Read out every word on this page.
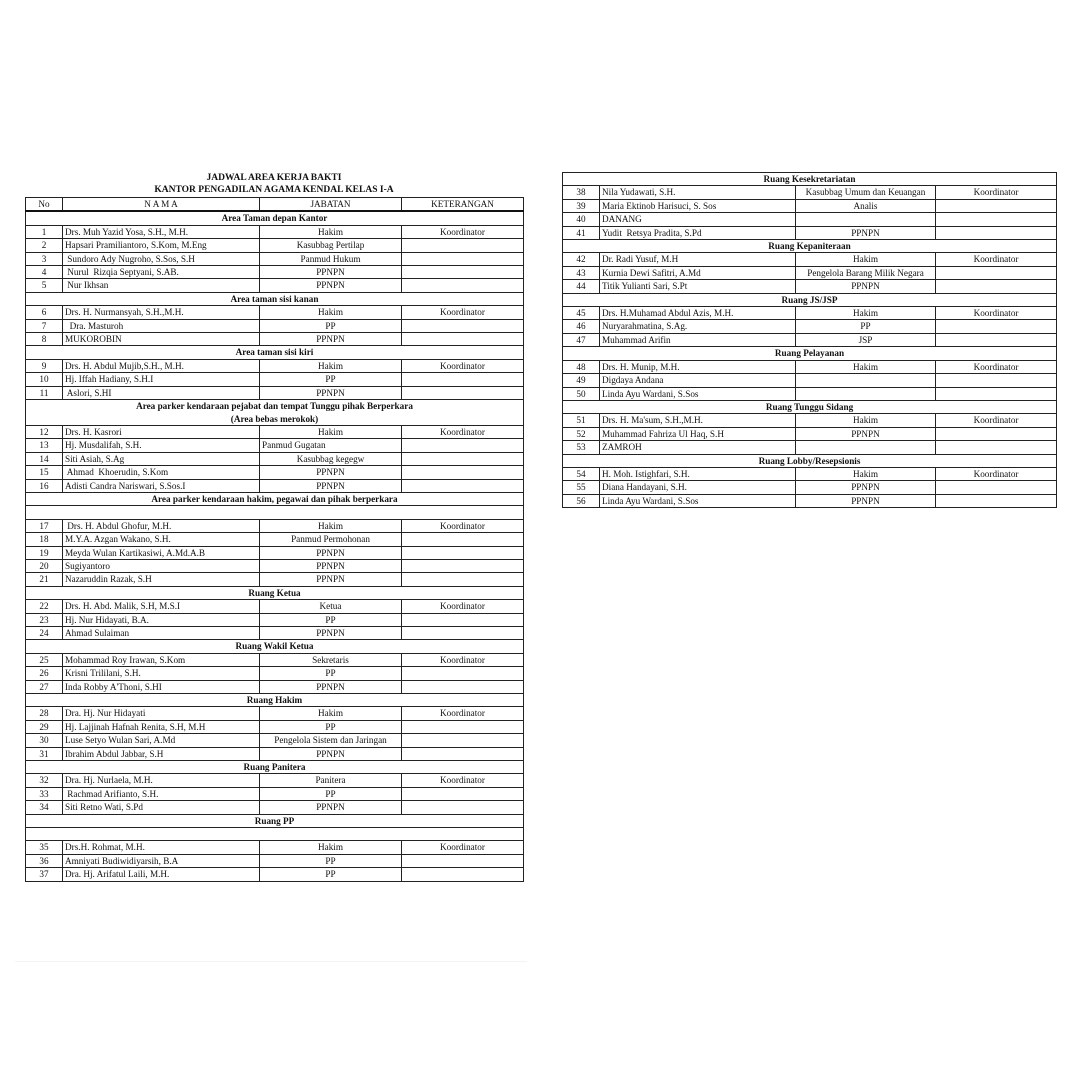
JADWAL AREA KERJA BAKTI
KANTOR PENGADILAN AGAMA KENDAL KELAS I-A
No	N A M A	JABATAN	KETERANGAN
Area Taman depan Kantor			
1	Drs. Muh Yazid Yosa, S.H., M.H.	Hakim	Koordinator
2	Hapsari Pramiliantoro, S.Kom, M.Eng	Kasubbag Pertilap	
3	Sundoro Ady Nugroho, S.Sos, S.H	Panmud Hukum	
4	Nurul  Rizqia Septyani, S.AB.	PPNPN	
5	Nur Ikhsan	PPNPN	
Area taman sisi kanan			
6	Drs. H. Nurmansyah, S.H.,M.H.	Hakim	Koordinator
7	Dra. Masturoh	PP	
8	MUKOROBIN	PPNPN	
Area taman sisi kiri			
9	Drs. H. Abdul Mujib,S.H., M.H.	Hakim	Koordinator
10	Hj. Iffah Hadiany, S.H.I	PP	
11	Aslori, S.HI	PPNPN	

Area parker kendaraan pejabat dan tempat Tunggu pihak Berperkara
(Area bebas merokok)			

12	Drs. H. Kasrori	Hakim	Koordinator
13	Hj. Musdalifah, S.H.	Panmud Gugatan	
14	Siti Asiah, S.Ag	Kasubbag kegegw	
15	Ahmad  Khoerudin, S.Kom	PPNPN	
16	Adisti Candra Nariswari, S.Sos.I	PPNPN	
Area parker kendaraan hakim, pegawai dan pihak berperkara			

17	Drs. H. Abdul Ghofur, M.H.	Hakim	Koordinator
18	M.Y.A. Azgan Wakano, S.H.	Panmud Permohonan	
19	Meyda Wulan Kartikasiwi, A.Md.A.B	PPNPN	
20	Sugiyantoro	PPNPN	
21	Nazaruddin Razak, S.H	PPNPN	
Ruang Ketua			
22	Drs. H. Abd. Malik, S.H, M.S.I	Ketua	Koordinator
23	Hj. Nur Hidayati, B.A.	PP	
24	Ahmad Sulaiman	PPNPN	
Ruang Wakil Ketua			
25	Mohammad Roy Irawan, S.Kom	Sekretaris	Koordinator
26	Krisni Trililani, S.H.	PP	
27	Inda Robby A'Thoni, S.HI	PPNPN	
Ruang Hakim			
28	Dra. Hj. Nur Hidayati	Hakim	Koordinator
29	Hj. Lajjinah Hafnah Renita, S.H, M.H	PP	
30	Luse Setyo Wulan Sari, A.Md	Pengelola Sistem dan Jaringan	
31	Ibrahim Abdul Jabbar, S.H	PPNPN	
Ruang Panitera			
32	Dra. Hj. Nurlaela, M.H.	Panitera	Koordinator
33	Rachmad Arifianto, S.H.	PP	
34	Siti Retno Wati, S.Pd	PPNPN	
Ruang PP			

35	Drs.H. Rohmat, M.H.	Hakim	Koordinator
36	Amniyati Budiwidiyarsih, B.A	PP	
37	Dra. Hj. Arifatul Laili, M.H.	PP	
Ruang Kesekretariatan			
38	Nila Yudawati, S.H.	Kasubbag Umum dan Keuangan	Koordinator
39	Maria Ektinob Harisuci, S. Sos	Analis	
40	DANANG		
41	Yudit  Retsya Pradita, S.Pd	PPNPN	
Ruang Kepaniteraan			
42	Dr. Radi Yusuf, M.H	Hakim	Koordinator
43	Kurnia Dewi Safitri, A.Md	Pengelola Barang Milik Negara	
44	Titik Yulianti Sari, S.Pt	PPNPN	
Ruang JS/JSP			
45	Drs. H.Muhamad Abdul Azis, M.H.	Hakim	Koordinator
46	Nuryarahmatina, S.Ag.	PP	
47	Muhammad Arifin	JSP	
Ruang Pelayanan			
48	Drs. H. Munip, M.H.	Hakim	Koordinator
49	Digdaya Andana		
50	Linda Ayu Wardani, S.Sos		
Ruang Tunggu Sidang			
51	Drs. H. Ma'sum, S.H.,M.H.	Hakim	Koordinator
52	Muhammad Fahriza Ul Haq, S.H	PPNPN	
53	ZAMROH		
Ruang Lobby/Resepsionis			
54	H. Moh. Istighfari, S.H.	Hakim	Koordinator
55	Diana Handayani, S.H.	PPNPN	
56	Linda Ayu Wardani, S.Sos	PPNPN	
